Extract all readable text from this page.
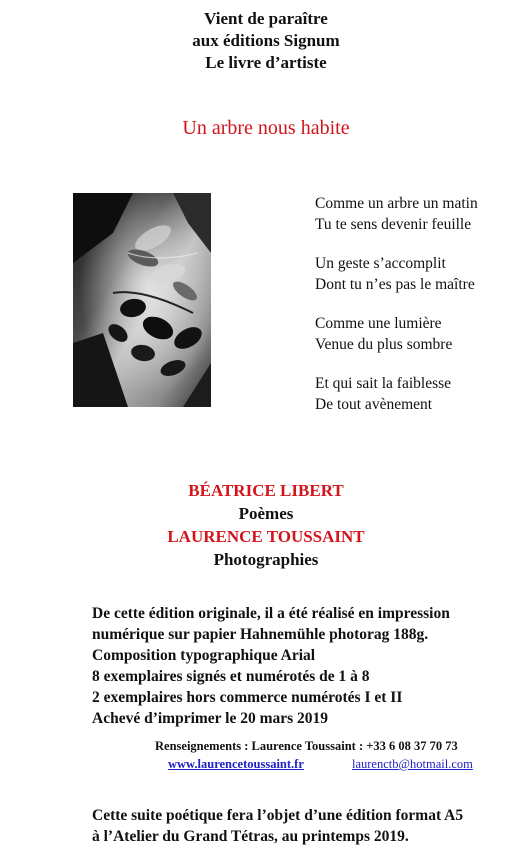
Vient de paraître
aux éditions Signum
Le livre d’artiste
Un arbre nous habite
Comme un arbre un matin
Tu te sens devenir feuille
Un geste s’accomplit
Dont tu n’es pas le maître
Comme une lumière
Venue du plus sombre
Et qui sait la faiblesse
De tout avènement
BÉATRICE LIBERT
Poèmes
LAURENCE TOUSSAINT
Photographies
De cette édition originale, il a été réalisé en impression
numérique sur papier Hahnemühle photorag 188g.
Composition typographique Arial
8 exemplaires signés et numérotés de 1 à 8
2 exemplaires hors commerce numérotés I et II
Achevé d’imprimer le 20 mars 2019
Renseignements : Laurence Toussaint : +33 6 08 37 70 73
www.laurencetoussaint.fr	laurenctb@hotmail.com
Cette suite poétique fera l’objet d’une édition format A5
à l’Atelier du Grand Tétras, au printemps 2019.
